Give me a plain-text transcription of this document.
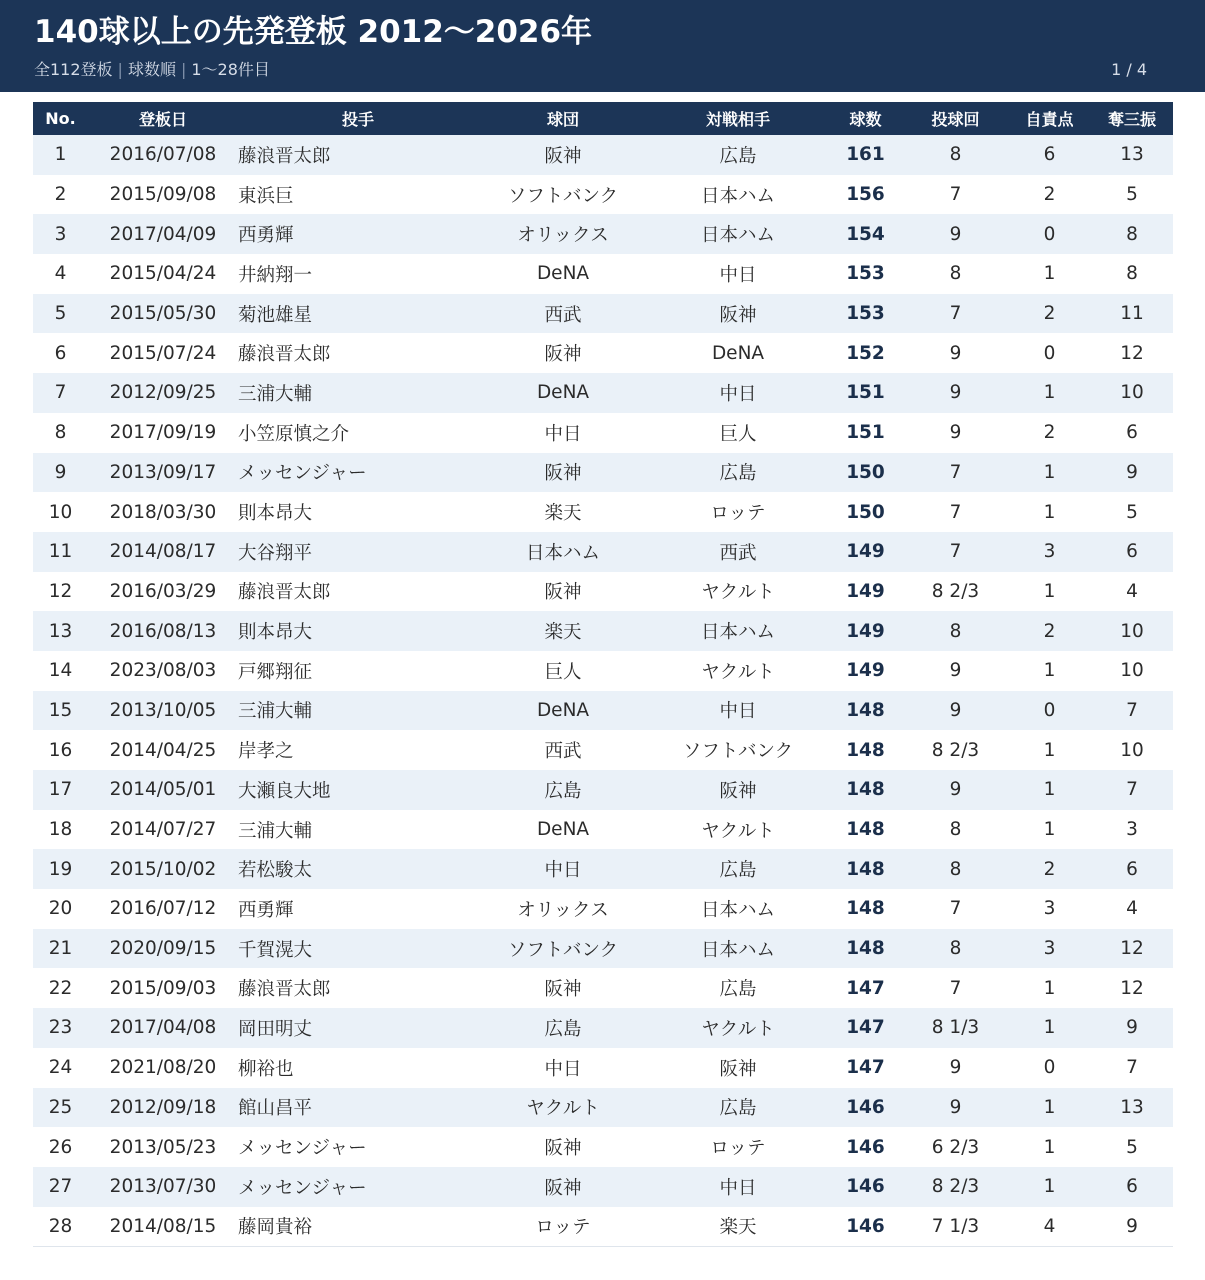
140球以上の先発登板 2012〜2026年
全112登板 | 球数順 | 1〜28件目	1 / 4
No.	登板日	投手	球団	対戦相手	球数	投球回	自責点	奪三振
1	2016/07/08	藤浪晋太郎	阪神	広島	161	8	6	13
2	2015/09/08	東浜巨	ソフトバンク	日本ハム	156	7	2	5
3	2017/04/09	西勇輝	オリックス	日本ハム	154	9	0	8
4	2015/04/24	井納翔一	DeNA	中日	153	8	1	8
5	2015/05/30	菊池雄星	西武	阪神	153	7	2	11
6	2015/07/24	藤浪晋太郎	阪神	DeNA	152	9	0	12
7	2012/09/25	三浦大輔	DeNA	中日	151	9	1	10
8	2017/09/19	小笠原慎之介	中日	巨人	151	9	2	6
9	2013/09/17	メッセンジャー	阪神	広島	150	7	1	9
10	2018/03/30	則本昂大	楽天	ロッテ	150	7	1	5
11	2014/08/17	大谷翔平	日本ハム	西武	149	7	3	6
12	2016/03/29	藤浪晋太郎	阪神	ヤクルト	149	8 2/3	1	4
13	2016/08/13	則本昂大	楽天	日本ハム	149	8	2	10
14	2023/08/03	戸郷翔征	巨人	ヤクルト	149	9	1	10
15	2013/10/05	三浦大輔	DeNA	中日	148	9	0	7
16	2014/04/25	岸孝之	西武	ソフトバンク	148	8 2/3	1	10
17	2014/05/01	大瀬良大地	広島	阪神	148	9	1	7
18	2014/07/27	三浦大輔	DeNA	ヤクルト	148	8	1	3
19	2015/10/02	若松駿太	中日	広島	148	8	2	6
20	2016/07/12	西勇輝	オリックス	日本ハム	148	7	3	4
21	2020/09/15	千賀滉大	ソフトバンク	日本ハム	148	8	3	12
22	2015/09/03	藤浪晋太郎	阪神	広島	147	7	1	12
23	2017/04/08	岡田明丈	広島	ヤクルト	147	8 1/3	1	9
24	2021/08/20	柳裕也	中日	阪神	147	9	0	7
25	2012/09/18	館山昌平	ヤクルト	広島	146	9	1	13
26	2013/05/23	メッセンジャー	阪神	ロッテ	146	6 2/3	1	5
27	2013/07/30	メッセンジャー	阪神	中日	146	8 2/3	1	6
28	2014/08/15	藤岡貴裕	ロッテ	楽天	146	7 1/3	4	9
